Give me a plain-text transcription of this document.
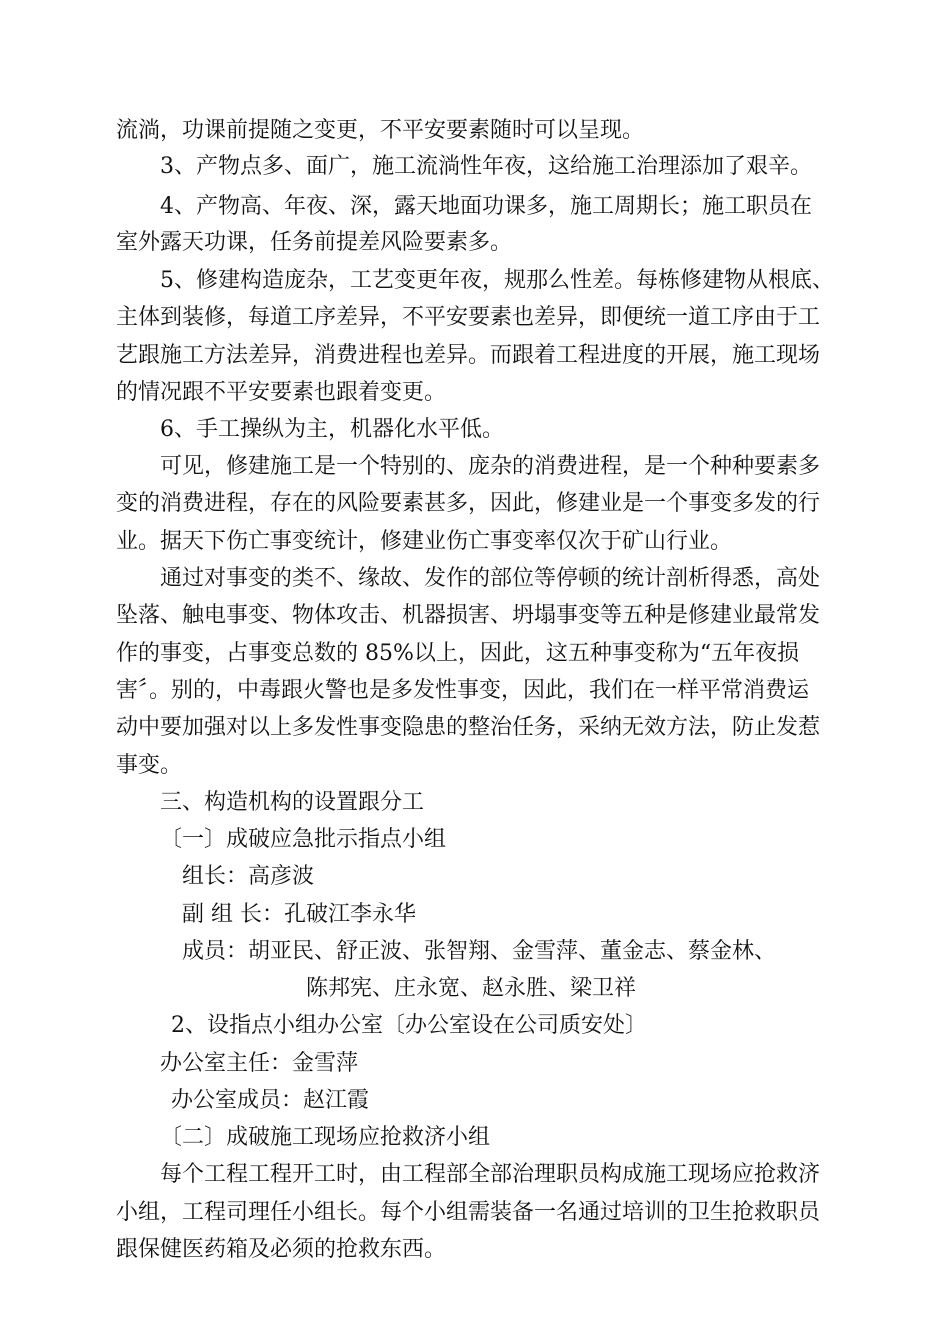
流淌，功课前提随之变更，不平安要素随时可以呈现。
3、产物点多、面广，施工流淌性年夜，这给施工治理添加了艰辛。
4、产物高、年夜、深，露天地面功课多，施工周期长；施工职员在
室外露天功课，任务前提差风险要素多。
5、修建构造庞杂，工艺变更年夜，规那么性差。每栋修建物从根底、
主体到装修，每道工序差异，不平安要素也差异，即便统一道工序由于工
艺跟施工方法差异，消费进程也差异。而跟着工程进度的开展，施工现场
的情况跟不平安要素也跟着变更。
6、手工操纵为主，机器化水平低。
可见，修建施工是一个特别的、庞杂的消费进程，是一个种种要素多
变的消费进程，存在的风险要素甚多，因此，修建业是一个事变多发的行
业。据天下伤亡事变统计，修建业伤亡事变率仅次于矿山行业。
通过对事变的类不、缘故、发作的部位等停顿的统计剖析得悉，高处
坠落、触电事变、物体攻击、机器损害、坍塌事变等五种是修建业最常发
作的事变，占事变总数的 85%以上，因此，这五种事变称为“五年夜损
害〞。别的，中毒跟火警也是多发性事变，因此，我们在一样平常消费运
动中要加强对以上多发性事变隐患的整治任务，采纳无效方法，防止发惹
事变。
三、构造机构的设置跟分工
〔一〕成破应急批示指点小组
组长：高彦波
副 组 长：孔破江李永华
成员：胡亚民、舒正波、张智翔、金雪萍、董金志、蔡金林、
陈邦宪、庄永宽、赵永胜、梁卫祥
2、设指点小组办公室〔办公室设在公司质安处〕
办公室主任：金雪萍
办公室成员：赵江霞
〔二〕成破施工现场应抢救济小组
每个工程工程开工时，由工程部全部治理职员构成施工现场应抢救济
小组，工程司理任小组长。每个小组需装备一名通过培训的卫生抢救职员
跟保健医药箱及必须的抢救东西。
